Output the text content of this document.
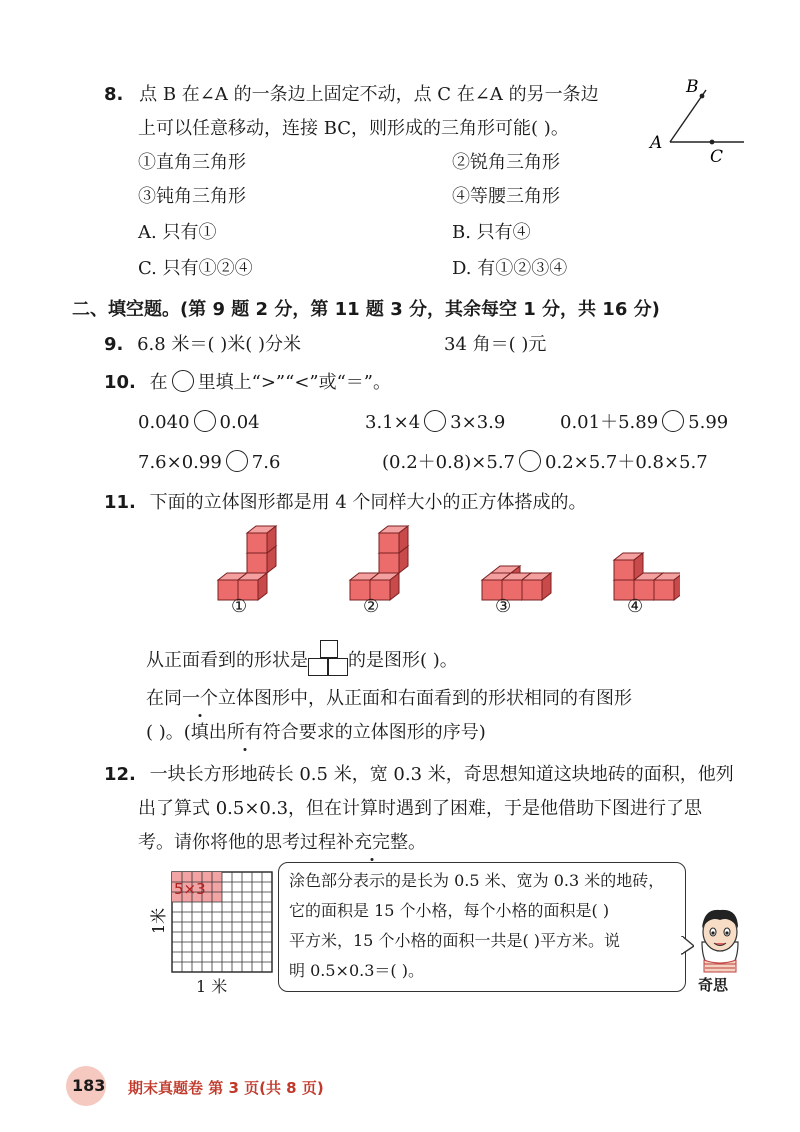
8. 点 B 在∠A 的一条边上固定不动，点 C 在∠A 的另一条边
上可以任意移动，连接 BC，则形成的三角形可能( )。
①直角三角形	②锐角三角形
③钝角三角形	④等腰三角形
A. 只有①	B. 只有④
C. 只有①②④	D. 有①②③④
B
A
C
二、填空题。(第 9 题 2 分，第 11 题 3 分，其余每空 1 分，共 16 分)
9. 6.8 米＝( )米( )分米	34 角＝( )元
10. 在 里填上“>”“<”或“＝”。
0.040 0.04	3.1×4 3×3.9	0.01＋5.89 5.99
7.6×0.99 7.6	(0.2＋0.8)×5.7 0.2×5.7＋0.8×5.7
11. 下面的立体图形都是用 4 个同样大小的正方体搭成的。
①	②	③	④
从正面看到的形状是 的是图形( )。
在同一个立体图形中，从正面和右面看到的形状相同的有图形
( )。(填出所有符合要求的立体图形的序号)
12. 一块长方形地砖长 0.5 米，宽 0.3 米，奇思想知道这块地砖的面积，他列
出了算式 0.5×0.3，但在计算时遇到了困难，于是他借助下图进行了思
考。请你将他的思考过程补充完整。
5×3
1米
1 米
涂色部分表示的是长为 0.5 米、宽为 0.3 米的地砖，
它的面积是 15 个小格，每个小格的面积是( )
平方米，15 个小格的面积一共是( )平方米。说
明 0.5×0.3＝( )。
奇思
183 期末真题卷 第 3 页(共 8 页)
